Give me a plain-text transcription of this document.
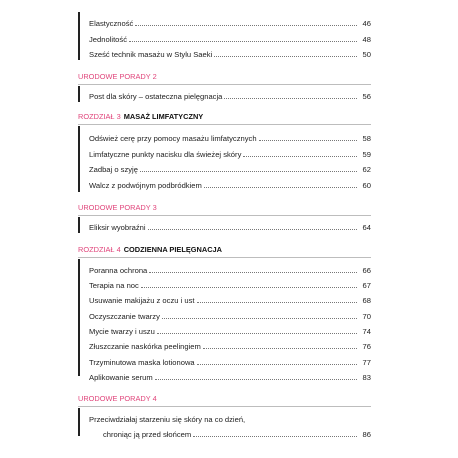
Elastyczność	46
Jednolitość	48
Sześć technik masażu w Stylu Saeki	50
URODOWE PORADY 2
Post dla skóry – ostateczna pielęgnacja	56
ROZDZIAŁ 3 MASAŻ LIMFATYCZNY
Odśwież cerę przy pomocy masażu limfatycznych	58
Limfatyczne punkty nacisku dla świeżej skóry	59
Zadbaj o szyję	62
Walcz z podwójnym podbródkiem	60
URODOWE PORADY 3
Eliksir wyobraźni	64
ROZDZIAŁ 4 CODZIENNA PIELĘGNACJA
Poranna ochrona	66
Terapia na noc	67
Usuwanie makijażu z oczu i ust	68
Oczyszczanie twarzy	70
Mycie twarzy i uszu	74
Złuszczanie naskórka peelingiem	76
Trzyminutowa maska lotionowa	77
Aplikowanie serum	83
URODOWE PORADY 4
Przeciwdziałaj starzeniu się skóry na co dzień,
chroniąc ją przed słońcem	86
